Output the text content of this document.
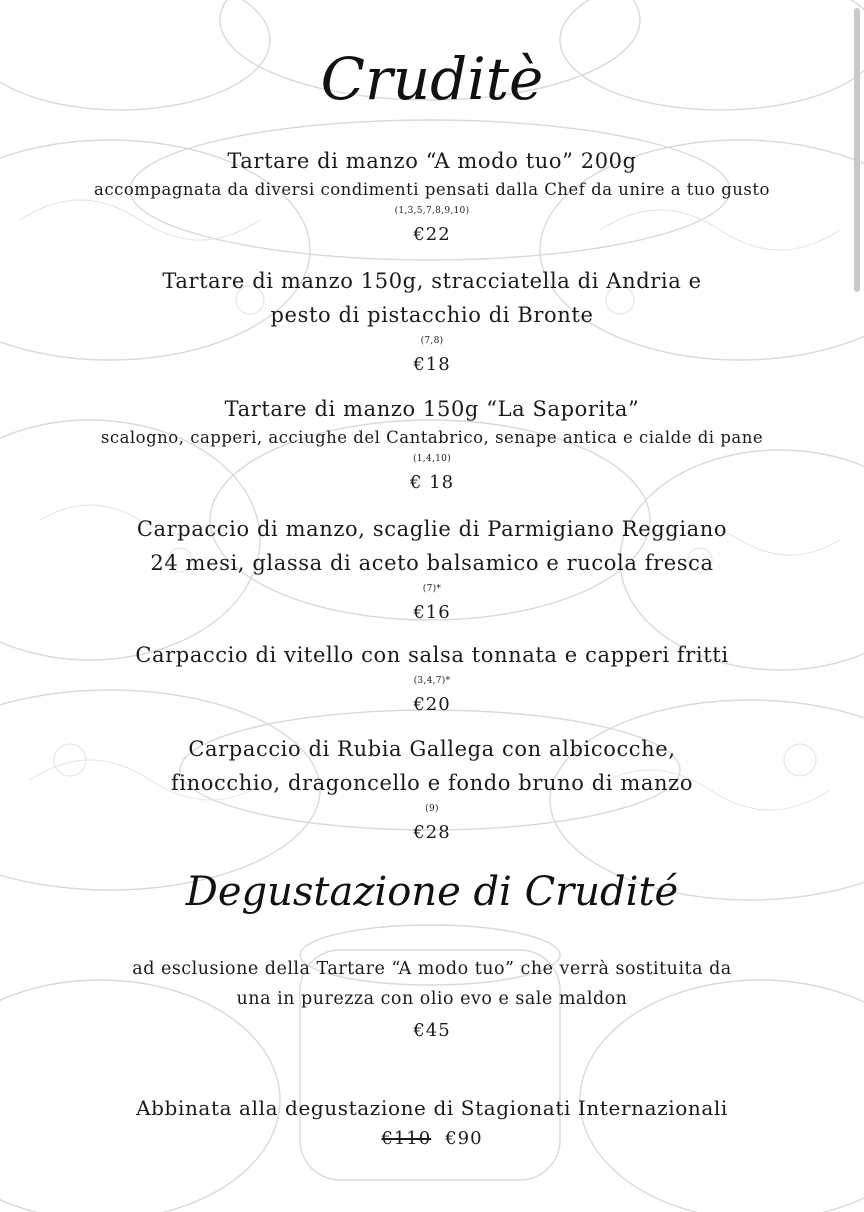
Cruditè

Tartare di manzo “A modo tuo” 200g

accompagnata da diversi condimenti pensati dalla Chef da unire a tuo gusto

(1,3,5,7,8,9,10)

€22

Tartare di manzo 150g, stracciatella di Andria e

pesto di pistacchio di Bronte

(7,8)

€18

Tartare di manzo 150g “La Saporita”

scalogno, capperi, acciughe del Cantabrico, senape antica e cialde di pane

(1,4,10)

€ 18

Carpaccio di manzo, scaglie di Parmigiano Reggiano

24 mesi, glassa di aceto balsamico e rucola fresca

(7)*

€16

Carpaccio di vitello con salsa tonnata e capperi fritti

(3,4,7)*

€20

Carpaccio di Rubia Gallega con albicocche,

finocchio, dragoncello e fondo bruno di manzo

(9)

€28

Degustazione di Crudité

ad esclusione della Tartare “A modo tuo” che verrà sostituita da

una in purezza con olio evo e sale maldon

€45

Abbinata alla degustazione di Stagionati Internazionali

€110 €90
